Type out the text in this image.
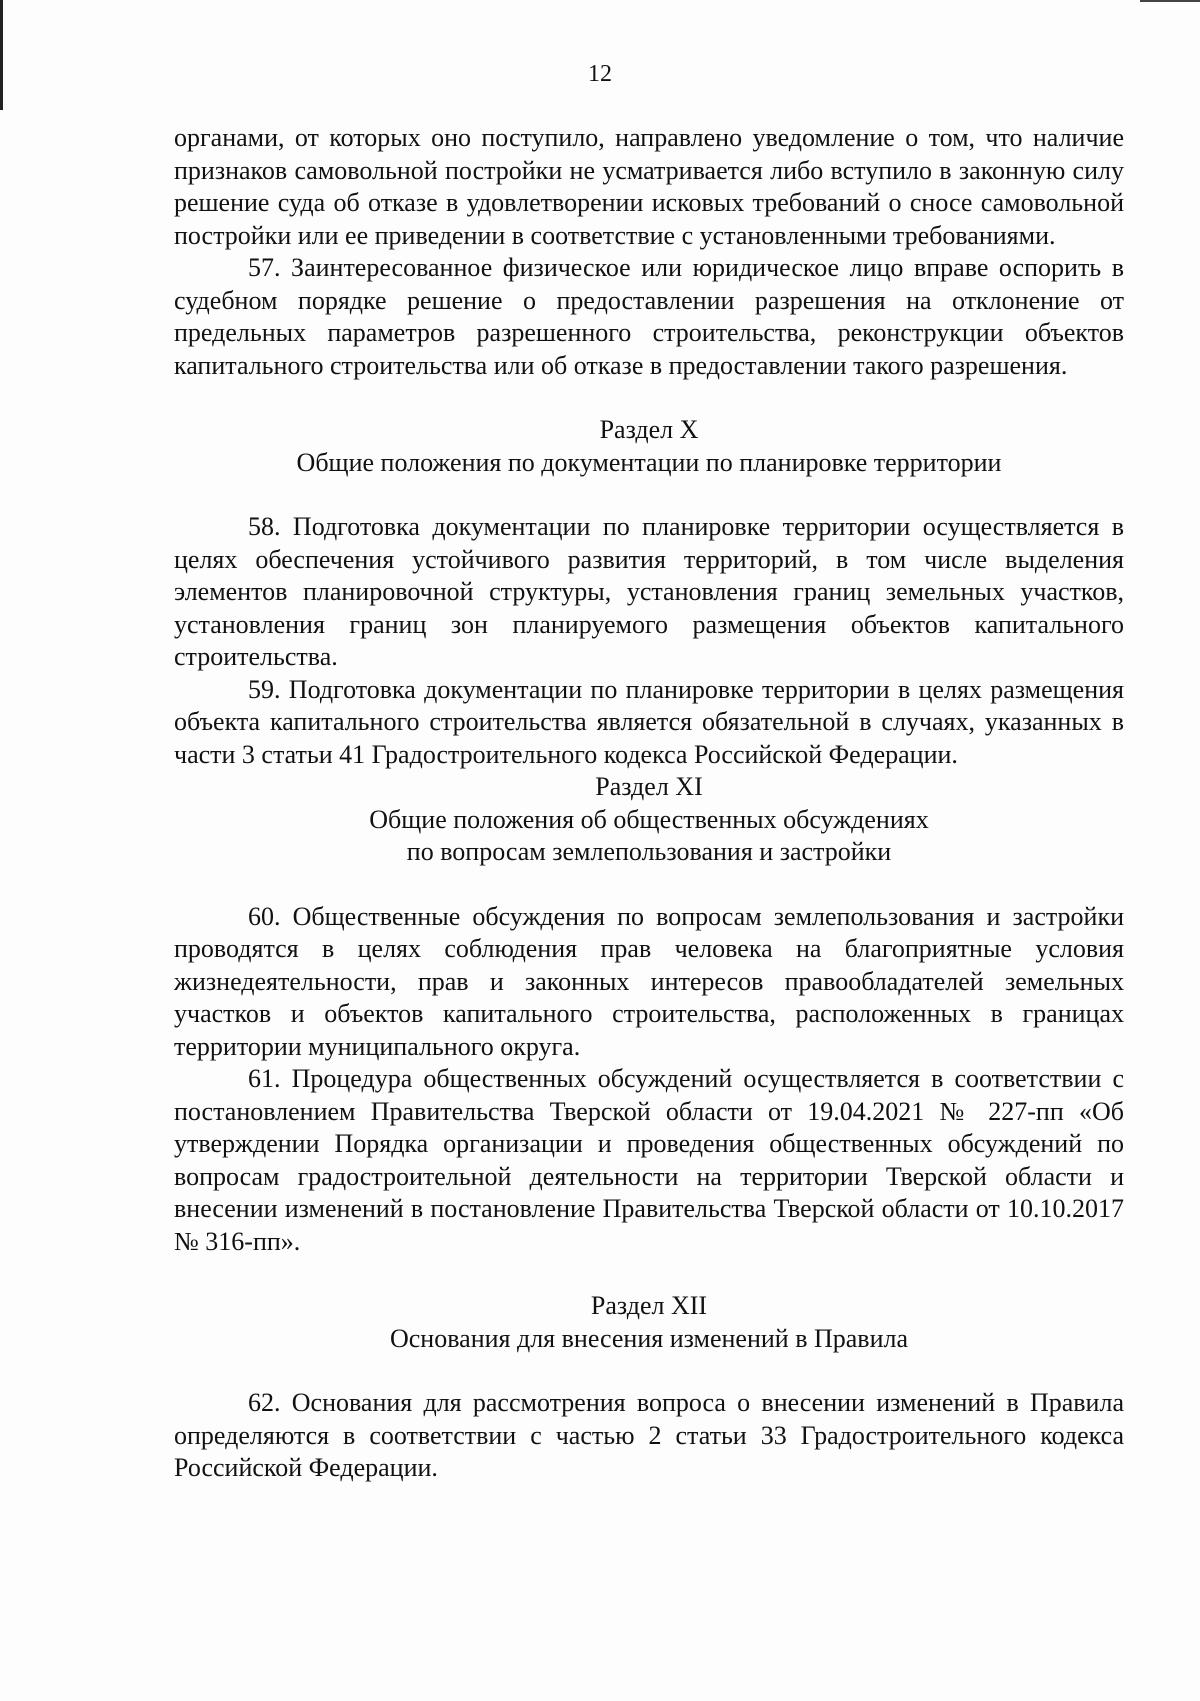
12

органами, от которых оно поступило, направлено уведомление о том, что наличие признаков самовольной постройки не усматривается либо вступило в законную силу решение суда об отказе в удовлетворении исковых требований о сносе самовольной постройки или ее приведении в соответствие с установленными требованиями.

57. Заинтересованное физическое или юридическое лицо вправе оспорить в судебном порядке решение о предоставлении разрешения на отклонение от предельных параметров разрешенного строительства, реконструкции объектов капитального строительства или об отказе в предоставлении такого разрешения.

Раздел X

Общие положения по документации по планировке территории

58. Подготовка документации по планировке территории осуществляется в целях обеспечения устойчивого развития территорий, в том числе выделения элементов планировочной структуры, установления границ земельных участков, установления границ зон планируемого размещения объектов капитального строительства.

59. Подготовка документации по планировке территории в целях размещения объекта капитального строительства является обязательной в случаях, указанных в части 3 статьи 41 Градостроительного кодекса Российской Федерации.

Раздел XI

Общие положения об общественных обсуждениях

по вопросам землепользования и застройки

60. Общественные обсуждения по вопросам землепользования и застройки проводятся в целях соблюдения прав человека на благоприятные условия жизнедеятельности, прав и законных интересов правообладателей земельных участков и объектов капитального строительства, расположенных в границах территории муниципального округа.

61. Процедура общественных обсуждений осуществляется в соответствии с постановлением Правительства Тверской области от 19.04.2021 № 227-пп «Об утверждении Порядка организации и проведения общественных обсуждений по вопросам градостроительной деятельности на территории Тверской области и внесении изменений в постановление Правительства Тверской области от 10.10.2017 № 316-пп».

Раздел XII

Основания для внесения изменений в Правила

62. Основания для рассмотрения вопроса о внесении изменений в Правила определяются в соответствии с частью 2 статьи 33 Градостроительного кодекса Российской Федерации.
